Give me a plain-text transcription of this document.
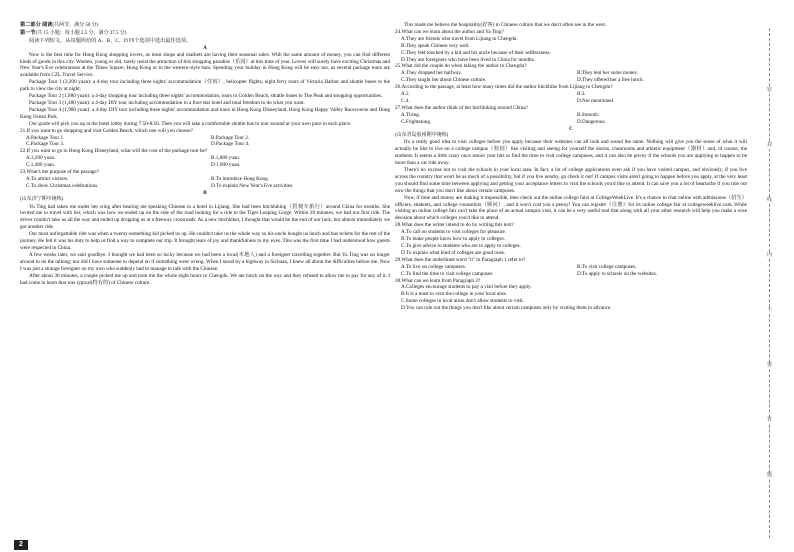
第二部分 阅读(共两节，满分 50 分)

第一节(共 15 小题；每小题 2.5 分，满分 37.5 分)

阅读下列短文，从每题所给的 A、B、C、D 四个选项中选出最佳选项。

A

Now is the best time for Hong Kong shopping lovers, as most shops and markets are having their seasonal sales. With the same amount of money, you can find different kinds of goods in this city. Women, young or old, rarely resist the attraction of this shopping paradise（乐园）at this time of year. Lovers will surely have exciting Christmas and New Year's Eve celebrations at the Times Square, Hong Kong or in the western-style bars. Spending your holiday in Hong Kong will be easy too, as several package tours are available from CZL Travel Service.

Package Tour 1 (3,200 yuan): a 4-day tour including three nights' accommodation（住宿）, helicopter flights, night ferry tours of Victoria Harbor and shuttle buses to the park to view the city at night.

Package Tour 2 (1,880 yuan): a 4-day shopping tour including three nights' accommodation, tours to Golden Beach, shuttle buses to The Peak and shopping opportunities.

Package Tour 3 (1,480 yuan): a 4-day DIY tour including accommodation in a four-star hotel and total freedom to do what you want.

Package Tour 4 (1,900 yuan): a 4-day DIY tour including three nights' accommodation and tours in Hong Kong Disneyland, Hong Kong Happy Valley Racecourse and Hong Kong Ocean Park.

Our guide will pick you up at the hotel lobby during 7:50-8:50. Then you will take a comfortable shuttle bus to tour around at your own pace in each place.

21.If you want to go shopping and visit Golden Beach, which one will you choose?

A.Package Tour 1.	B.Package Tour 2.
C.Package Tour 3.	D.Package Tour 4.

22.If you want to go to Hong Kong Disneyland, what will the cost of the package tour be?

A.3,200 yuan.	B.1,880 yuan.
C.1,480 yuan.	D.1,900 yuan.

23.What's the purpose of the passage?

A.To attract visitors.	B.To introduce Hong Kong.
C.To show Christmas celebrations.	D.To explain New Year's Eve activities.

B

(山东济宁期中统练)

Yu Ting had taken me under her wing after hearing me speaking Chinese in a hotel in Lijiang. She had been hitchhiking（搭便车旅行）around China for months. She invited me to travel with her, which was how we ended up on the side of the road looking for a ride to the Tiger Leaping Gorge. Within 20 minutes, we had our first ride. The driver couldn't take us all the way and ended up dropping us at a freeway crossroads. As a new hitchhiker, I thought that would be the end of our luck, but almost immediately we got another ride.

Our most unforgettable ride was when a twenty-something kid picked us up. He couldn't take us the whole way so his uncle bought us lunch and bus tickets for the rest of the journey. He felt it was his duty to help us find a way to complete our trip. It brought tears of joy and thankfulness to my eyes. This was the first time I had understood how guests were respected in China.

A few weeks later, we said goodbye. I thought we had been so lucky because we had been a local(本地人) and a foreigner travelling together. But Ya Ting was no longer around to do the talking; nor did I have someone to depend on if something went wrong. When I stood by a highway in Sichuan, I knew all about the difficulties before me. Now I was just a strange foreigner on my own who suddenly had to manage to talk with the Chinese.

After about 30 minutes, a couple picked me up and took me the whole eight hours to Chengdu. We ate lunch on the way and they refused to allow me to pay for any of it. I had come to learn that was typical(特有的) of Chinese culture.

This made me believe the hospitality(好客) in Chinese culture that we don't often see in the west.

24.What can we learn about the author and Ya Ting?

A.They are friends who travel from Lijiang to Chengdu.
B.They speak Chinese very well.
C.They feel touched by a kid and his uncle because of their selflessness.
D.They are foreigners who have been lived in China for months.

25.What did the couple do when taking the author to Chengdu?

A.They dropped her halfway.	B.They lent her some money.
C.They taught her about Chinese culture.	D.They offered her a free lunch.

26.According to the passage, at least how many times did the author hitchhike from Lijiang to Chengdu?

A.2.	B.3.
C.4.	D.Not mentioned.

27.What does the author think of her hitchhiking around China?

A.Tiring.	B.Smooth.
C.Frightening.	D.Dangerous.

C

(山东青岛胶州期中统练)

It's a really good idea to visit colleges before you apply because their websites can all look and sound the same. Nothing will give you the sense of what it will actually be like to live on a college campus（校园）like visiting and seeing for yourself the dorms, classrooms and athletic equipment（器材）and, of course, the students. It seems a little crazy once senior year hits to find the time to visit college campuses, and it can also be pricey if the schools you are applying to happen to be more than a car ride away.

There's no excuse not to visit the schools in your local area. In fact, a lot of college applications even ask if you have visited campus, and obviously, if you live across the country that won't be as much of a possibility, but if you live nearby, go check it out! If campus visits aren't going to happen before you apply, at the very least you should find some time between applying and getting your acceptance letters to visit the schools you'd like to attend. It can save you a lot of heartache if you rule out now the things that you don't like about certain campuses.

Now, if time and money are making it impossible, then check out the online college fairs at CollegeWeekLive. It's a chance to chat online with admissions（招生）officers, students, and college counselors（顾问）, and it won't cost you a penny! You can register（注册）for its online college fair at collegeweeklive.com. While visiting an online college fair can't take the place of an actual campus visit, it can be a very useful tool that along with all your other research will help you make a wise decision about which colleges you'd like to attend.

28.What does the writer intend to do by writing this text?

A.To call on students to visit colleges for pleasure.
B.To make people know how to apply to colleges.
C.To give advice to students who are to apply to colleges.
D.To explain what kind of colleges are good ones.

29.What does the underlined word "it" in Paragraph 1 refer to?

A.To live on college campuses.	B.To visit college campuses.
C.To find the time to visit college campuses.	D.To apply to schools on the websites.

30.What can we learn from Paragraph 2?

A.Colleges encourage students to pay a visit before they apply.
B.It is a must to visit the college in your local area.
C.Some colleges in local areas don't allow students to visit.
D.You can rule out the things you don't like about certain campuses only by visiting them in advance.
2
密
封
线
内
不
要
答
题
